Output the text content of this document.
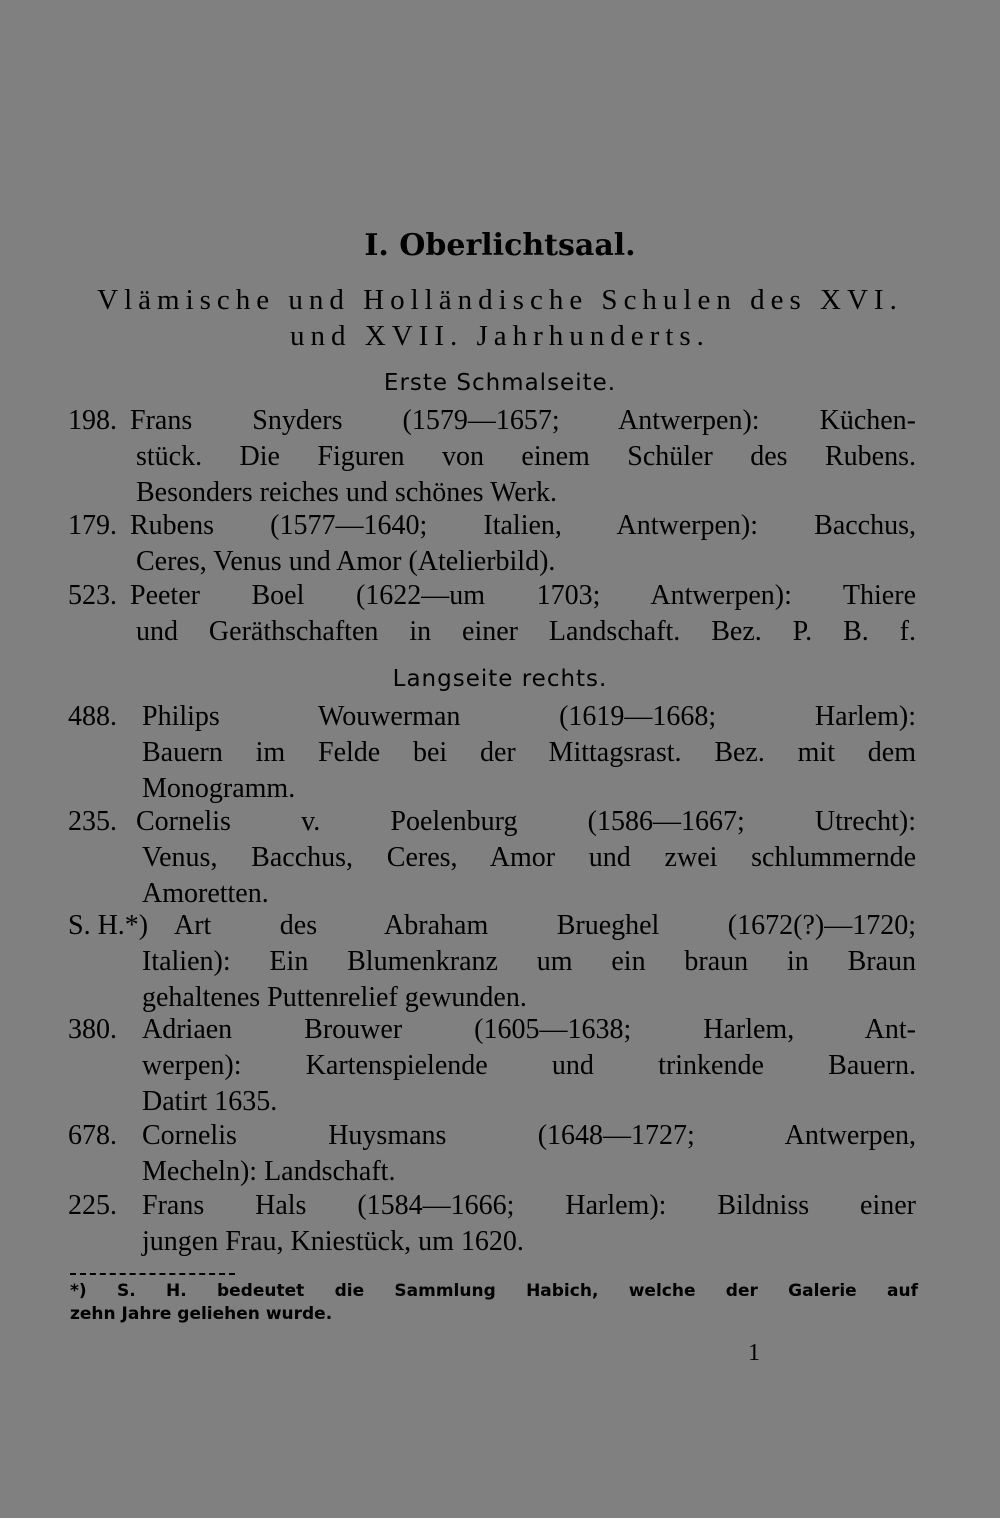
I. Oberlichtsaal.
Vlämische und Holländische Schulen des XVI.
und XVII. Jahrhunderts.
Erste Schmalseite.
198. Frans Snyders (1579—1657; Antwerpen): Küchen-
stück. Die Figuren von einem Schüler des Rubens.
Besonders reiches und schönes Werk.
179. Rubens (1577—1640; Italien, Antwerpen): Bacchus,
Ceres, Venus und Amor (Atelierbild).
523. Peeter Boel (1622—um 1703; Antwerpen): Thiere
und Geräthschaften in einer Landschaft. Bez. P. B. f.
Langseite rechts.
488. Philips Wouwerman (1619—1668; Harlem):
Bauern im Felde bei der Mittagsrast. Bez. mit dem
Monogramm.
235. Cornelis v. Poelenburg (1586—1667; Utrecht):
Venus, Bacchus, Ceres, Amor und zwei schlummernde
Amoretten.
S. H.*) Art des Abraham Brueghel (1672(?)—1720;
Italien): Ein Blumenkranz um ein braun in Braun
gehaltenes Puttenrelief gewunden.
380. Adriaen Brouwer (1605—1638; Harlem, Ant-
werpen): Kartenspielende und trinkende Bauern.
Datirt 1635.
678. Cornelis Huysmans (1648—1727; Antwerpen,
Mecheln): Landschaft.
225. Frans Hals (1584—1666; Harlem): Bildniss einer
jungen Frau, Kniestück, um 1620.
*) S. H. bedeutet die Sammlung Habich, welche der Galerie auf
zehn Jahre geliehen wurde.
1
